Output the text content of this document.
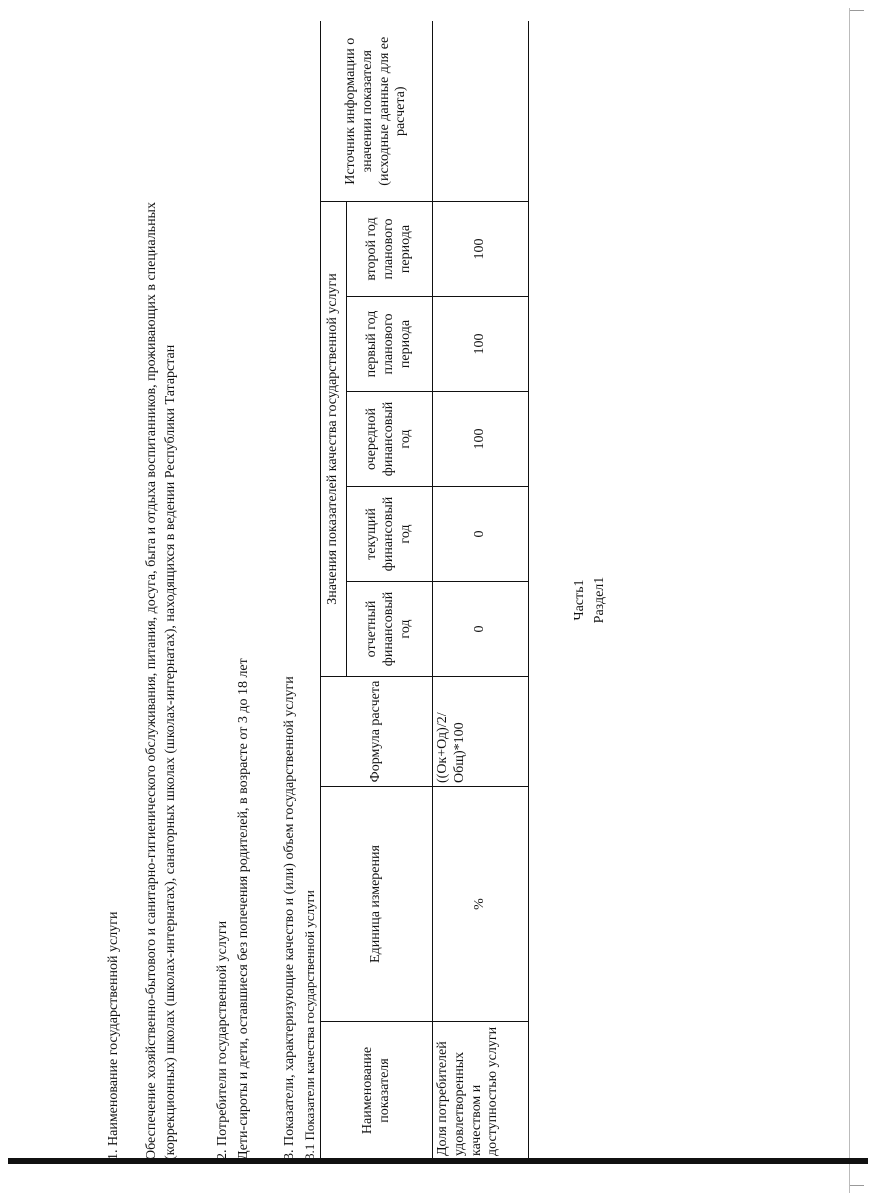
Часть1 Раздел1
1. Наименование государственной услуги Обеспечение хозяйственно-бытового и санитарно-гигиенического обслуживания, питания, досуга, быта и отдыха воспитанников, проживающих в специальных (коррекционных) школах (школах-интернатах), санаторных школах (школах-интернатах), находящихся в ведении Республики Татарстан	2. Потребители государственной услуги Дети-сироты и дети, оставшиеся без попечения родителей, в возрасте от 3 до 18 лет 3. Показатели, характеризующие качество и (или) объем государственной услуги 3.1 Показатели качества государственной услуги	Наименование показателя	Единица измерения	Формула расчета	Значения показателей качества государственной услуги					Источник информации о значении показателя (исходные данные для ее расчета)
			отчетный финансовый год	текущий финансовый год	очередной финансовый год	первый год планового периода	второй год планового периода	
Доля потребителей удовлетворенных качеством и доступностью услуги	%	((Ок+Од)/2/Общ)*100	0	0	100	100	100	
